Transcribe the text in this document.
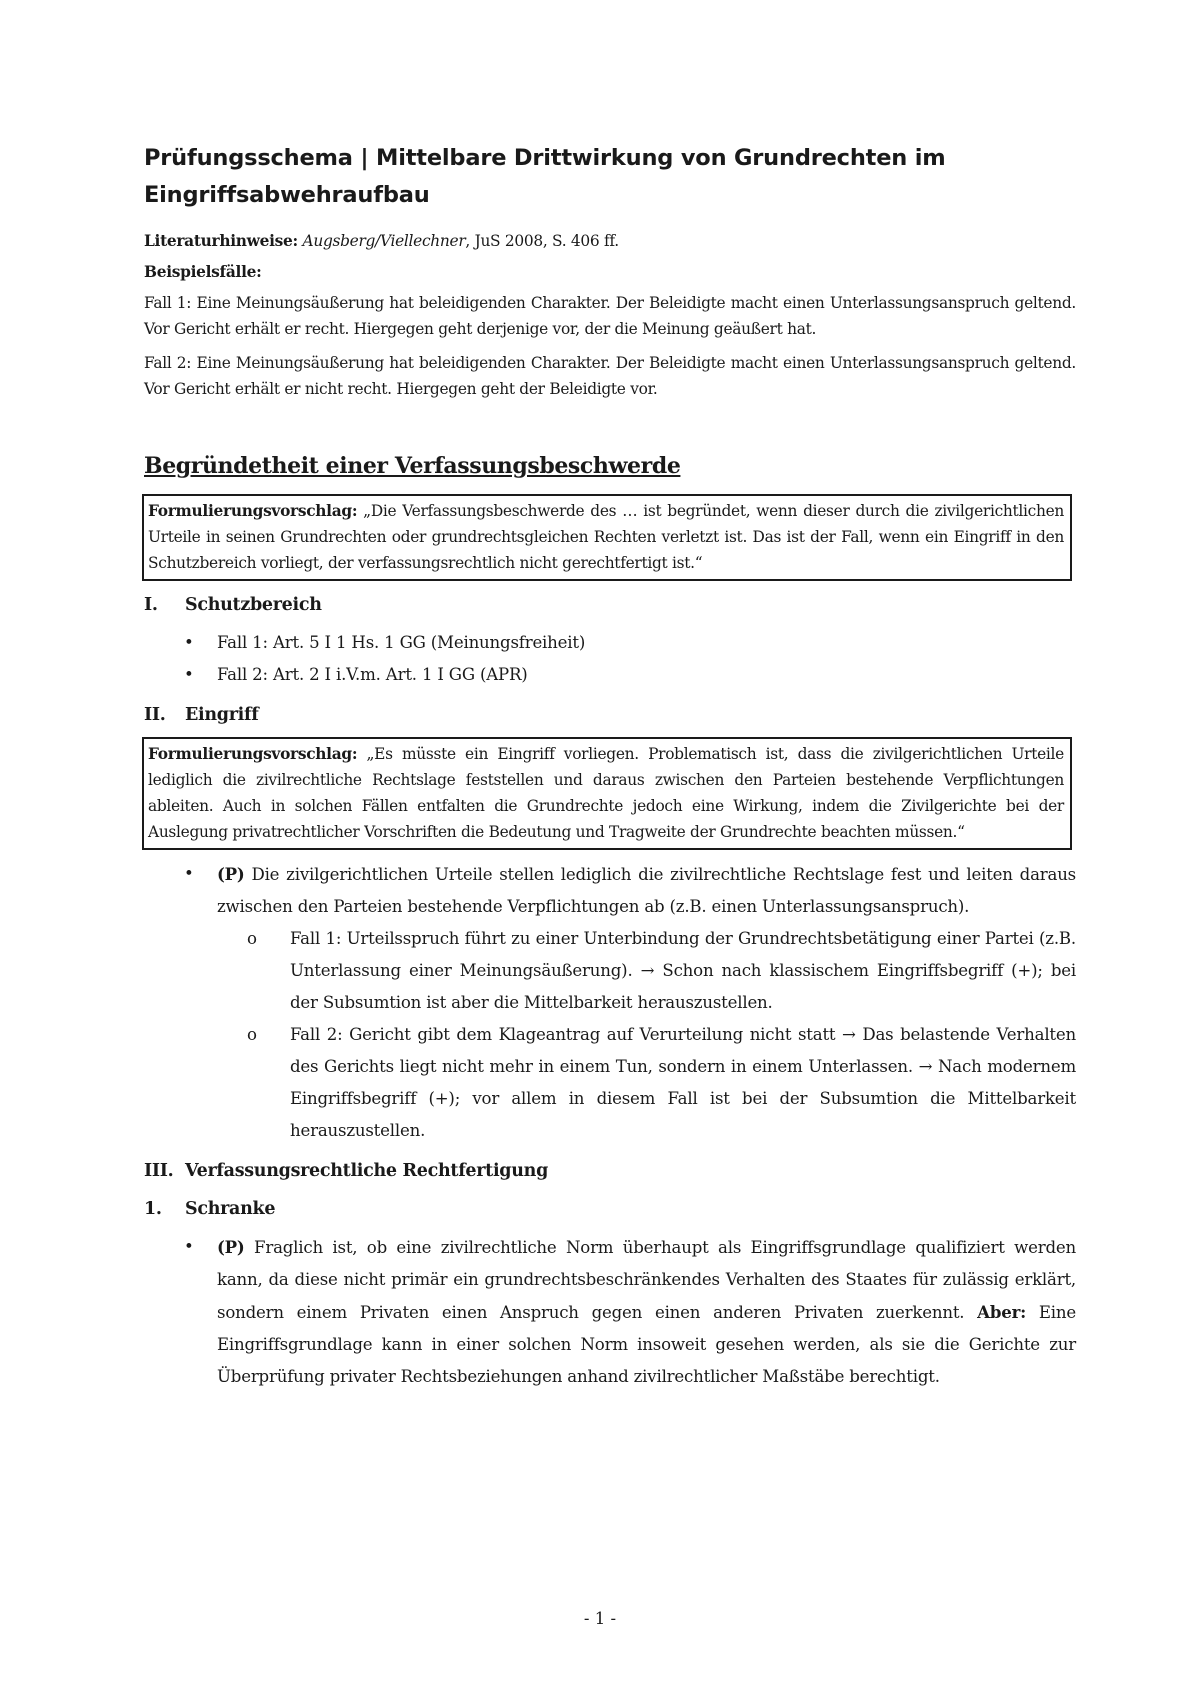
Prüfungsschema | Mittelbare Drittwirkung von Grundrechten im Eingriffsabwehraufbau

Literaturhinweise: Augsberg/Viellechner, JuS 2008, S. 406 ff.

Beispielsfälle:

Fall 1: Eine Meinungsäußerung hat beleidigenden Charakter. Der Beleidigte macht einen Unterlassungsanspruch geltend. Vor Gericht erhält er recht. Hiergegen geht derjenige vor, der die Meinung geäußert hat.

Fall 2: Eine Meinungsäußerung hat beleidigenden Charakter. Der Beleidigte macht einen Unterlassungsanspruch geltend. Vor Gericht erhält er nicht recht. Hiergegen geht der Beleidigte vor.

Begründetheit einer Verfassungsbeschwerde
Formulierungsvorschlag: „Die Verfassungsbeschwerde des … ist begründet, wenn dieser durch die zivilgerichtlichen Urteile in seinen Grundrechten oder grundrechtsgleichen Rechten verletzt ist. Das ist der Fall, wenn ein Eingriff in den Schutzbereich vorliegt, der verfassungsrechtlich nicht gerechtfertigt ist.“
I.	Schutzbereich
• Fall 1: Art. 5 I 1 Hs. 1 GG (Meinungsfreiheit)
• Fall 2: Art. 2 I i.V.m. Art. 1 I GG (APR)
II.	Eingriff
Formulierungsvorschlag: „Es müsste ein Eingriff vorliegen. Problematisch ist, dass die zivilgerichtlichen Urteile lediglich die zivilrechtliche Rechtslage feststellen und daraus zwischen den Parteien bestehende Verpflichtungen ableiten. Auch in solchen Fällen entfalten die Grundrechte jedoch eine Wirkung, indem die Zivilgerichte bei der Auslegung privatrechtlicher Vorschriften die Bedeutung und Tragweite der Grundrechte beachten müssen.“
• (P) Die zivilgerichtlichen Urteile stellen lediglich die zivilrechtliche Rechtslage fest und leiten daraus zwischen den Parteien bestehende Verpflichtungen ab (z.B. einen Unterlassungsanspruch).
o Fall 1: Urteilsspruch führt zu einer Unterbindung der Grundrechtsbetätigung einer Partei (z.B. Unterlassung einer Meinungsäußerung). → Schon nach klassischem Eingriffsbegriff (+); bei der Subsumtion ist aber die Mittelbarkeit herauszustellen.
o Fall 2: Gericht gibt dem Klageantrag auf Verurteilung nicht statt → Das belastende Verhalten des Gerichts liegt nicht mehr in einem Tun, sondern in einem Unterlassen. → Nach modernem Eingriffsbegriff (+); vor allem in diesem Fall ist bei der Subsumtion die Mittelbarkeit herauszustellen.
III. Verfassungsrechtliche Rechtfertigung
1.	Schranke
• (P) Fraglich ist, ob eine zivilrechtliche Norm überhaupt als Eingriffsgrundlage qualifiziert werden kann, da diese nicht primär ein grundrechtsbeschränkendes Verhalten des Staates für zulässig erklärt, sondern einem Privaten einen Anspruch gegen einen anderen Privaten zuerkennt. Aber: Eine Eingriffsgrundlage kann in einer solchen Norm insoweit gesehen werden, als sie die Gerichte zur Überprüfung privater Rechtsbeziehungen anhand zivilrechtlicher Maßstäbe berechtigt.
- 1 -
